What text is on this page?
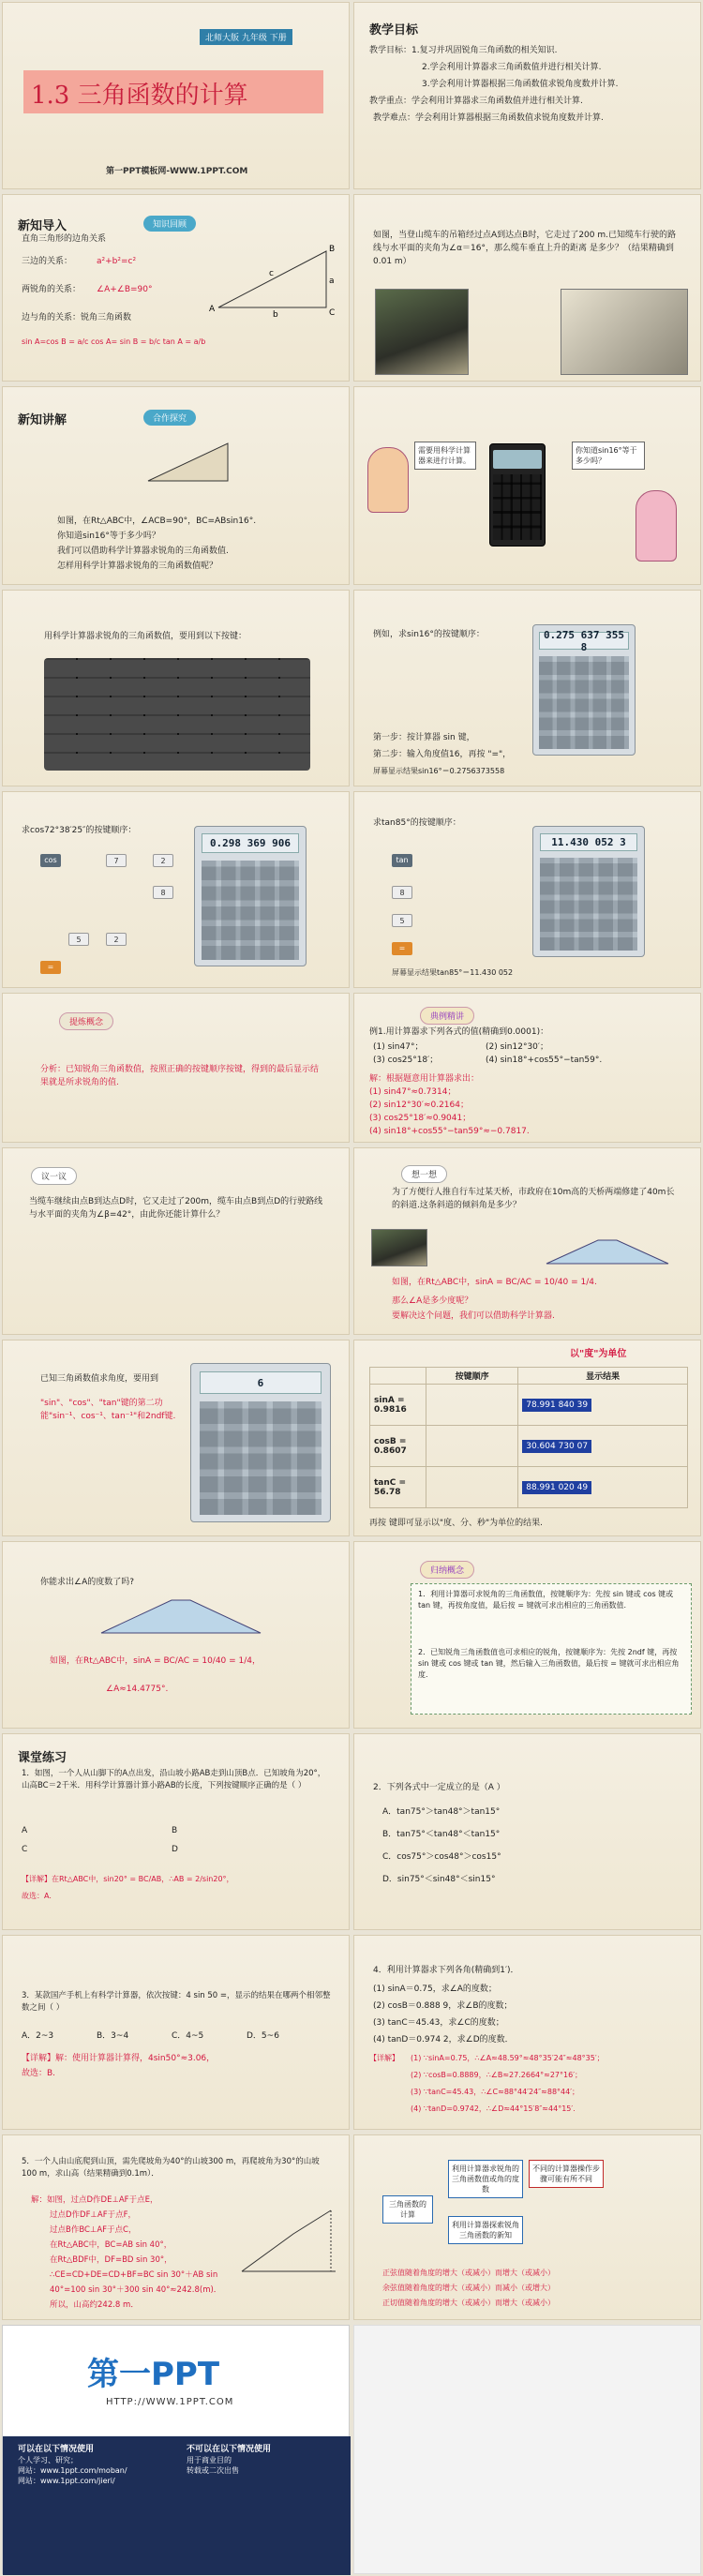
北师大版 九年级 下册
1.3 三角函数的计算
第一PPT模板网-WWW.1PPT.COM
教学目标
教学目标：1.复习并巩固锐角三角函数的相关知识.
2.学会利用计算器求三角函数值并进行相关计算.
3.学会利用计算器根据三角函数值求锐角度数并计算.
教学重点：学会利用计算器求三角函数值并进行相关计算.
教学难点：学会利用计算器根据三角函数值求锐角度数并计算.
新知导入	知识回顾
直角三角形的边角关系
三边的关系：	a²+b²=c²
两锐角的关系： ∠A+∠B=90°
边与角的关系：锐角三角函数
sin A=cos B = a/c cos A= sin B = b/c tan A = a/b
A
B
C
a
b
c
如图，当登山缆车的吊箱经过点A到达点B时，它走过了200 m.已知缆车行驶的路线与水平面的夹角为∠α＝16°，那么缆车垂直上升的距离 是多少？（结果精确到0.01 m）
新知讲解	合作探究
如图，在Rt△ABC中，∠ACB=90°，BC=ABsin16°.
你知道sin16°等于多少吗？
我们可以借助科学计算器求锐角的三角函数值.
怎样用科学计算器求锐角的三角函数值呢？
需要用科学计算器来进行计算。
你知道sin16°等于多少吗？
用科学计算器求锐角的三角函数值，要用到以下按键：	例如，求sin16°的按键顺序：	0.275 637 355 8
第一步：按计算器 sin 键，
第二步：输入角度值16，再按 "="，
屏幕显示结果sin16°＝0.2756373558
求cos72°38′25″的按键顺序：
cos	7	2
8
2
5
=
0.298 369 906
求tan85°的按键顺序：
tan
8
5
=
11.430 052 3
屏幕显示结果tan85°＝11.430 052
提炼概念
分析：已知锐角三角函数值，按照正确的按键顺序按键，得到的最后显示结果就是所求锐角的值.
典例精讲
例1.用计算器求下列各式的值(精确到0.0001)：
(1) sin47°；	(2) sin12°30′；
(3) cos25°18′；	(4) sin18°+cos55°−tan59°.
解：根据题意用计算器求出：
(1) sin47°≈0.7314；
(2) sin12°30′≈0.2164；
(3) cos25°18′≈0.9041；
(4) sin18°+cos55°−tan59°≈−0.7817.
议一议
当缆车继续由点B到达点D时，它又走过了200m，缆车由点B到点D的行驶路线与水平面的夹角为∠β=42°，由此你还能计算什么？
想一想
为了方便行人推自行车过某天桥，市政府在10m高的天桥两端修建了40m长的斜道.这条斜道的倾斜角是多少？
如图，在Rt△ABC中，sinA = BC/AC = 10/40 = 1/4.
那么∠A是多少度呢？
要解决这个问题，我们可以借助科学计算器.
已知三角函数值求角度，要用到
"sin"、"cos"、"tan"键的第二功能"sin⁻¹、cos⁻¹、tan⁻¹"和2ndf键.
6
以"度"为单位
	按键顺序	显示结果
sinA = 0.9816		78.991 840 39
cosB = 0.8607		30.604 730 07
tanC = 56.78		88.991 020 49
再按 键即可显示以"度、分、秒"为单位的结果.
你能求出∠A的度数了吗?
如图，在Rt△ABC中，sinA = BC/AC = 10/40 = 1/4，
∠A≈14.4775°.
归纳概念
1．利用计算器可求锐角的三角函数值，按键顺序为：先按 sin 键或 cos 键或 tan 键，再按角度值，最后按 = 键就可求出相应的三角函数值.
2．已知锐角三角函数值也可求相应的锐角，按键顺序为：先按 2ndf 键，再按 sin 键或 cos 键或 tan 键，然后输入三角函数值，最后按 = 键就可求出相应角度.
课堂练习
1．如图，一个人从山脚下的A点出发，沿山坡小路AB走到山顶B点．已知坡角为20°，山高BC＝2千米．用科学计算器计算小路AB的长度，下列按键顺序正确的是（ ）
A	B
C	D
【详解】在Rt△ABC中，sin20° = BC/AB，∴AB = 2/sin20°，
故选：A.
2．下列各式中一定成立的是（A ）
A．tan75°＞tan48°＞tan15°
B．tan75°＜tan48°＜tan15°
C．cos75°＞cos48°＞cos15°
D．sin75°＜sin48°＜sin15°
3．某款国产手机上有科学计算器，依次按键：4 sin 50 =，显示的结果在哪两个相邻整数之间（ ）
A．2~3	B．3~4	C．4~5	D．5~6
【详解】解：使用计算器计算得，4sin50°≈3.06，
故选：B.
4．利用计算器求下列各角(精确到1′)．
(1) sinA＝0.75，求∠A的度数；
(2) cosB＝0.888 9，求∠B的度数；
(3) tanC＝45.43，求∠C的度数；
(4) tanD＝0.974 2，求∠D的度数．
【详解】 (1) ∵sinA=0.75，∴∠A≈48.59°≈48°35′24″≈48°35′；
(2) ∵cosB=0.8889，∴∠B≈27.2664°≈27°16′；
(3) ∵tanC=45.43，∴∠C≈88°44′24″≈88°44′；
(4) ∵tanD=0.9742，∴∠D≈44°15′8″≈44°15′.
5．一个人由山底爬到山顶，需先爬坡角为40°的山坡300 m，再爬坡角为30°的山坡100 m，求山高（结果精确到0.1m）．
解：如图，过点D作DE⊥AF于点E，
过点D作DF⊥AF于点F，
过点B作BC⊥AF于点C，
在Rt△ABC中，BC=AB sin 40°，
在Rt△BDF中，DF=BD sin 30°，
∴CE=CD+DE=CD+BF=BC sin 30°＋AB sin
40°=100 sin 30°＋300 sin 40°≈242.8(m)．
所以，山高约242.8 m．
三角函数的计算
利用计算器求锐角的三角函数值或角的度数
不同的计算器操作步骤可能有所不同
利用计算器探索锐角三角函数的新知
正弦值随着角度的增大（或减小）而增大（或减小）
余弦值随着角度的增大（或减小）而减小（或增大）
正切值随着角度的增大（或减小）而增大（或减小）
第一PPT
HTTP://WWW.1PPT.COM
可以在以下情况使用
个人学习、研究；
网站：www.1ppt.com/moban/
网站：www.1ppt.com/jieri/
不可以在以下情况使用
用于商业目的
转载或二次出售
